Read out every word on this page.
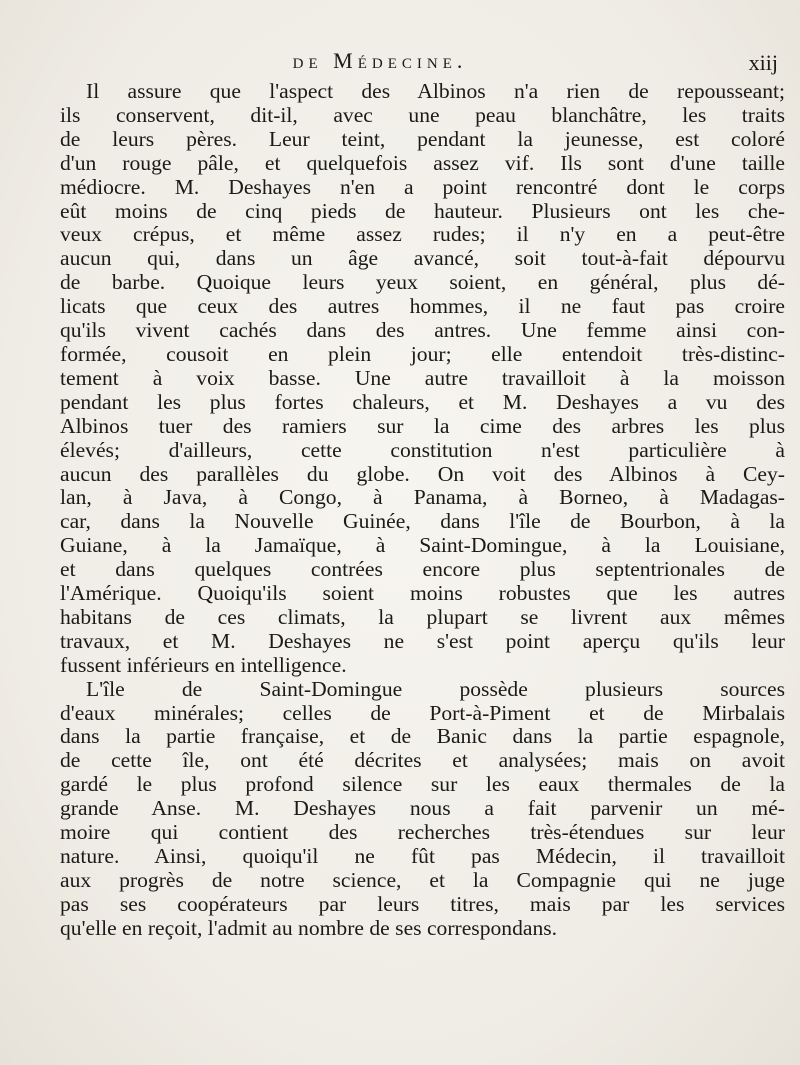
de Médecine.	xiij
Il assure que l'aspect des Albinos n'a rien de repousseant;
ils conservent, dit-il, avec une peau blanchâtre, les traits
de leurs pères. Leur teint, pendant la jeunesse, est coloré
d'un rouge pâle, et quelquefois assez vif. Ils sont d'une taille
médiocre. M. Deshayes n'en a point rencontré dont le corps
eût moins de cinq pieds de hauteur. Plusieurs ont les che-
veux crépus, et même assez rudes; il n'y en a peut-être
aucun qui, dans un âge avancé, soit tout-à-fait dépourvu
de barbe. Quoique leurs yeux soient, en général, plus dé-
licats que ceux des autres hommes, il ne faut pas croire
qu'ils vivent cachés dans des antres. Une femme ainsi con-
formée, cousoit en plein jour; elle entendoit très-distinc-
tement à voix basse. Une autre travailloit à la moisson
pendant les plus fortes chaleurs, et M. Deshayes a vu des
Albinos tuer des ramiers sur la cime des arbres les plus
élevés; d'ailleurs, cette constitution n'est particulière à
aucun des parallèles du globe. On voit des Albinos à Cey-
lan, à Java, à Congo, à Panama, à Borneo, à Madagas-
car, dans la Nouvelle Guinée, dans l'île de Bourbon, à la
Guiane, à la Jamaïque, à Saint-Domingue, à la Louisiane,
et dans quelques contrées encore plus septentrionales de
l'Amérique. Quoiqu'ils soient moins robustes que les autres
habitans de ces climats, la plupart se livrent aux mêmes
travaux, et M. Deshayes ne s'est point aperçu qu'ils leur
fussent inférieurs en intelligence.
L'île de Saint-Domingue possède plusieurs sources
d'eaux minérales; celles de Port-à-Piment et de Mirbalais
dans la partie française, et de Banic dans la partie espagnole,
de cette île, ont été décrites et analysées; mais on avoit
gardé le plus profond silence sur les eaux thermales de la
grande Anse. M. Deshayes nous a fait parvenir un mé-
moire qui contient des recherches très-étendues sur leur
nature. Ainsi, quoiqu'il ne fût pas Médecin, il travailloit
aux progrès de notre science, et la Compagnie qui ne juge
pas ses coopérateurs par leurs titres, mais par les services
qu'elle en reçoit, l'admit au nombre de ses correspondans.
